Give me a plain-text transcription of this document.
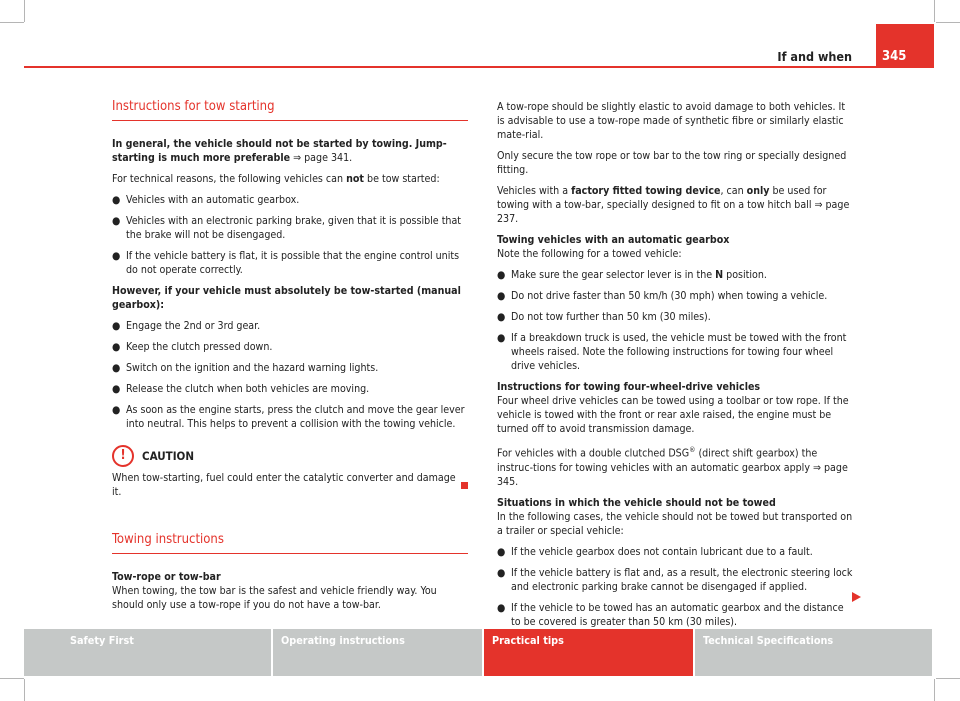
If and when	345
Instructions for tow starting

In general, the vehicle should not be started by towing. Jump-starting is much more preferable ⇒ page 341.

For technical reasons, the following vehicles can not be tow started:

● Vehicles with an automatic gearbox.
● Vehicles with an electronic parking brake, given that it is possible that the brake will not be disengaged.
● If the vehicle battery is flat, it is possible that the engine control units do not operate correctly.

However, if your vehicle must absolutely be tow-started (manual gearbox):

● Engage the 2nd or 3rd gear.
● Keep the clutch pressed down.
● Switch on the ignition and the hazard warning lights.
● Release the clutch when both vehicles are moving.
● As soon as the engine starts, press the clutch and move the gear lever into neutral. This helps to prevent a collision with the towing vehicle.
!	CAUTION

When tow-starting, fuel could enter the catalytic converter and damage it.

Towing instructions

Tow-rope or tow-bar

When towing, the tow bar is the safest and vehicle friendly way. You should only use a tow-rope if you do not have a tow-bar.

A tow-rope should be slightly elastic to avoid damage to both vehicles. It is advisable to use a tow-rope made of synthetic fibre or similarly elastic mate-rial.

Only secure the tow rope or tow bar to the tow ring or specially designed fitting.

Vehicles with a factory fitted towing device, can only be used for towing with a tow-bar, specially designed to fit on a tow hitch ball ⇒ page 237.

Towing vehicles with an automatic gearbox

Note the following for a towed vehicle:

● Make sure the gear selector lever is in the N position.
● Do not drive faster than 50 km/h (30 mph) when towing a vehicle.
● Do not tow further than 50 km (30 miles).
● If a breakdown truck is used, the vehicle must be towed with the front wheels raised. Note the following instructions for towing four wheel drive vehicles.

Instructions for towing four-wheel-drive vehicles

Four wheel drive vehicles can be towed using a toolbar or tow rope. If the vehicle is towed with the front or rear axle raised, the engine must be turned off to avoid transmission damage.

For vehicles with a double clutched DSG® (direct shift gearbox) the instruc-tions for towing vehicles with an automatic gearbox apply ⇒ page 345.

Situations in which the vehicle should not be towed

In the following cases, the vehicle should not be towed but transported on a trailer or special vehicle:

● If the vehicle gearbox does not contain lubricant due to a fault.
● If the vehicle battery is flat and, as a result, the electronic steering lock and electronic parking brake cannot be disengaged if applied.
● If the vehicle to be towed has an automatic gearbox and the distance to be covered is greater than 50 km (30 miles).
Safety First	Operating instructions	Practical tips	Technical Specifications
